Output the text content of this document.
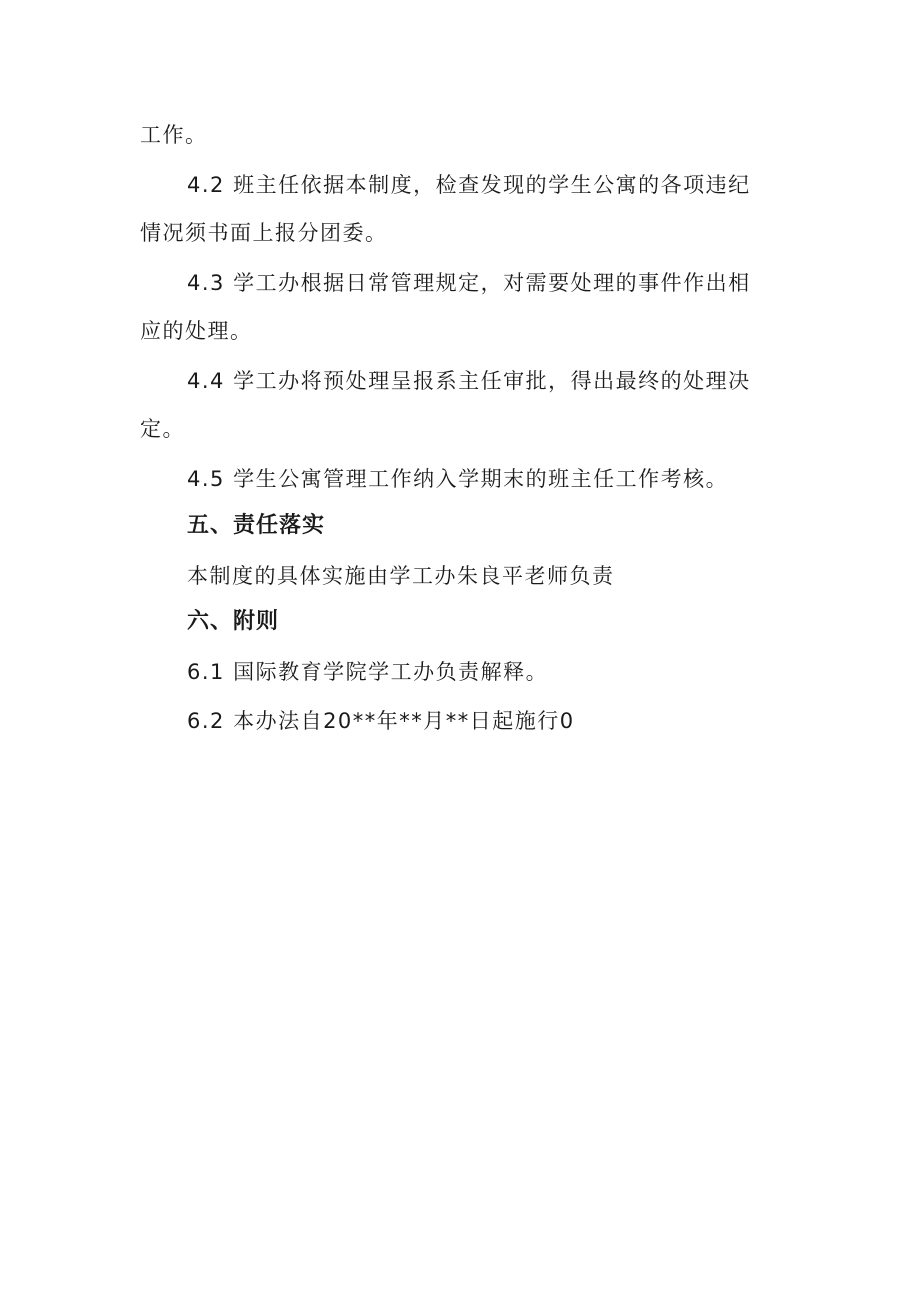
工作。
4.2 班主任依据本制度，检查发现的学生公寓的各项违纪
情况须书面上报分团委。
4.3 学工办根据日常管理规定，对需要处理的事件作出相
应的处理。
4.4 学工办将预处理呈报系主任审批，得出最终的处理决
定。
4.5 学生公寓管理工作纳入学期末的班主任工作考核。
五、责任落实
本制度的具体实施由学工办朱良平老师负责
六、附则
6.1 国际教育学院学工办负责解释。
6.2 本办法自20**年**月**日起施行0
